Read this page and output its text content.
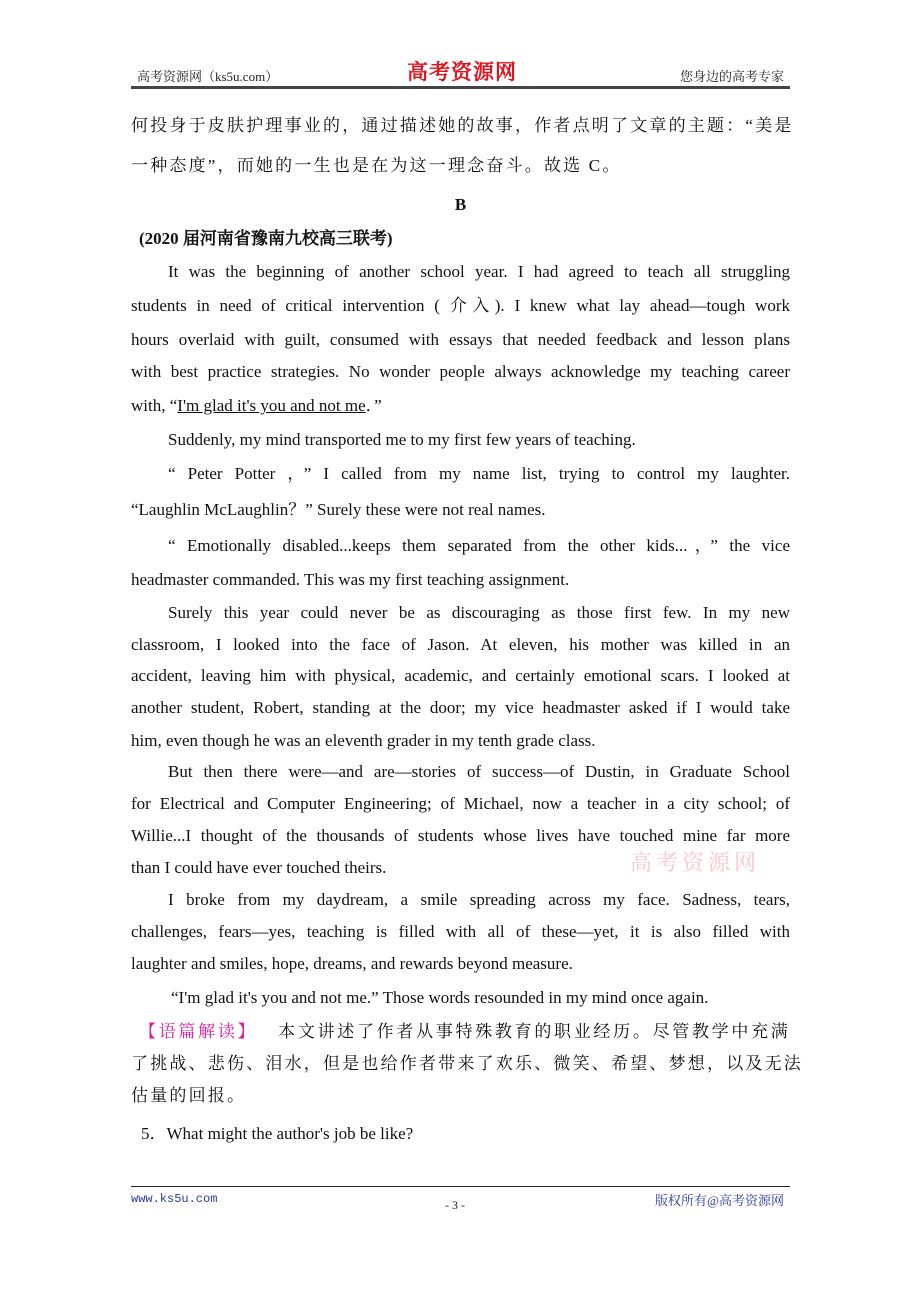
高考资源网（ks5u.com）	高考资源网	您身边的高考专家
何投身于皮肤护理事业的，通过描述她的故事，作者点明了文章的主题：“美是
一种态度”，而她的一生也是在为这一理念奋斗。故选 C。
B
(2020 届河南省豫南九校高三联考)
It was the beginning of another school year. I had agreed to teach all struggling
students in need of critical intervention ( 介入). I knew what lay ahead—tough work
hours overlaid with guilt, consumed with essays that needed feedback and lesson plans
with best practice strategies. No wonder people always acknowledge my teaching career
with, “I'm glad it's you and not me．”
Suddenly, my mind transported me to my first few years of teaching.
“ Peter Potter ，” I called from my name list, trying to control my laughter.
“Laughlin McLaughlin？” Surely these were not real names.
“ Emotionally disabled...keeps them separated from the other kids...，” the vice
headmaster commanded. This was my first teaching assignment.
Surely this year could never be as discouraging as those first few. In my new
classroom, I looked into the face of Jason. At eleven, his mother was killed in an
accident, leaving him with physical, academic, and certainly emotional scars. I looked at
another student, Robert, standing at the door; my vice headmaster asked if I would take
him, even though he was an eleventh grader in my tenth grade class.
But then there were—and are—stories of success—of Dustin, in Graduate School
for Electrical and Computer Engineering; of Michael, now a teacher in a city school; of
Willie...I thought of the thousands of students whose lives have touched mine far more
than I could have ever touched theirs.
I broke from my daydream, a smile spreading across my face. Sadness, tears,
challenges, fears—yes, teaching is filled with all of these—yet, it is also filled with
laughter and smiles, hope, dreams, and rewards beyond measure.
“I'm glad it's you and not me.” Those words resounded in my mind once again.
【语篇解读】 本文讲述了作者从事特殊教育的职业经历。尽管教学中充满
了挑战、悲伤、泪水，但是也给作者带来了欢乐、微笑、希望、梦想，以及无法
估量的回报。
5．What might the author's job be like?
高考资源网
www.ks5u.com	- 3 -	版权所有@高考资源网
